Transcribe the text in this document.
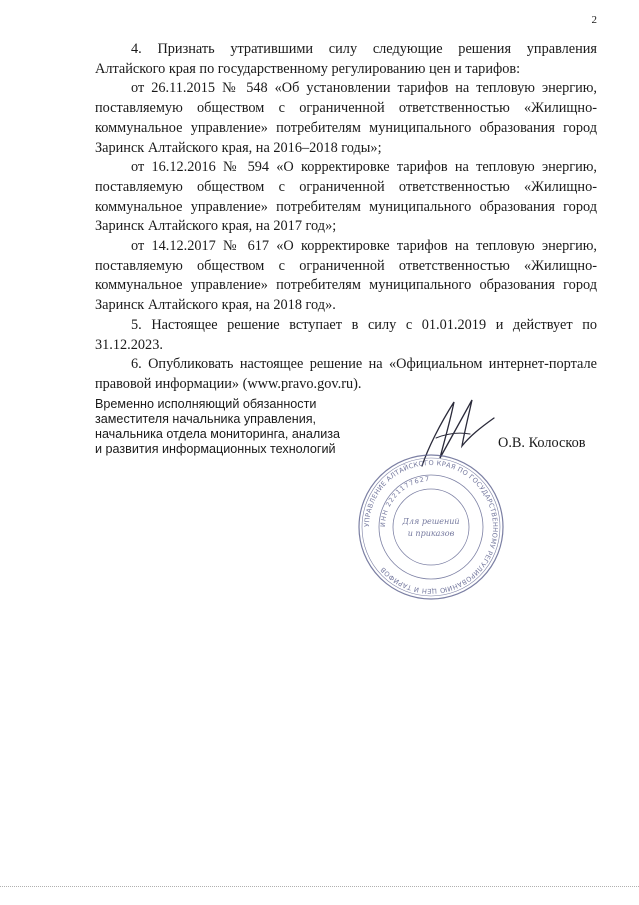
2

4. Признать утратившими силу следующие решения управления Алтайского края по государственному регулированию цен и тарифов:

от 26.11.2015 № 548 «Об установлении тарифов на тепловую энергию, поставляемую обществом с ограниченной ответственностью «Жилищно-коммунальное управление» потребителям муниципального образования город Заринск Алтайского края, на 2016–2018 годы»;

от 16.12.2016 № 594 «О корректировке тарифов на тепловую энергию, поставляемую обществом с ограниченной ответственностью «Жилищно-коммунальное управление» потребителям муниципального образования город Заринск Алтайского края, на 2017 год»;

от 14.12.2017 № 617 «О корректировке тарифов на тепловую энергию, поставляемую обществом с ограниченной ответственностью «Жилищно-коммунальное управление» потребителям муниципального образования город Заринск Алтайского края, на 2018 год».

5. Настоящее решение вступает в силу с 01.01.2019 и действует по 31.12.2023.

6. Опубликовать настоящее решение на «Официальном интернет-портале правовой информации» (www.pravo.gov.ru).

Временно исполняющий обязанности
заместителя начальника управления,
начальника отдела мониторинга, анализа
и развития информационных технологий	О.В. Колосков
УПРАВЛЕНИЕ АЛТАЙСКОГО КРАЯ ПО ГОСУДАРСТВЕННОМУ РЕГУЛИРОВАНИЮ ЦЕН И ТАРИФОВ
ИНН 2221177627
Для решений
и приказов
